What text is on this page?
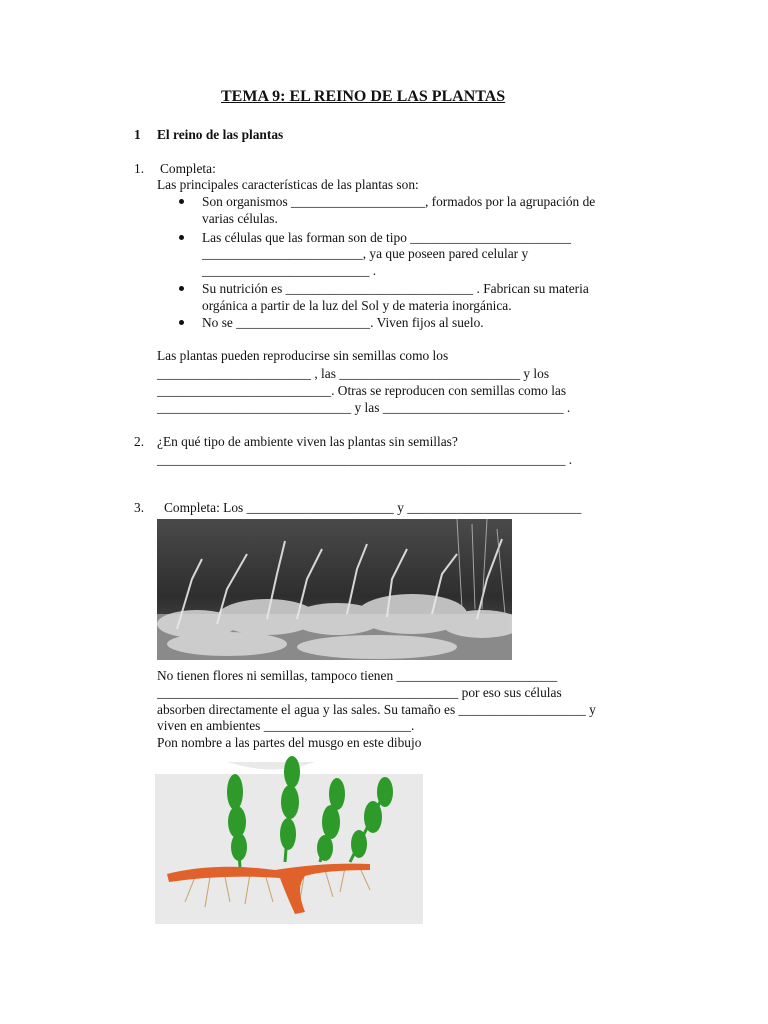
TEMA 9: EL REINO DE LAS PLANTAS
1 El reino de las plantas
1. Completa:
Las principales características de las plantas son:
Son organismos ____________________, formados por la agrupación de
varias células.
Las células que las forman son de tipo ________________________
________________________, ya que poseen pared celular y
_________________________ .
Su nutrición es ____________________________ . Fabrican su materia
orgánica a partir de la luz del Sol y de materia inorgánica.
No se ____________________. Viven fijos al suelo.
Las plantas pueden reproducirse sin semillas como los
_______________________ , las ___________________________ y los
__________________________. Otras se reproducen con semillas como las
_____________________________ y las ___________________________ .
2. ¿En qué tipo de ambiente viven las plantas sin semillas?
_____________________________________________________________ .
3. Completa: Los ______________________ y __________________________
No tienen flores ni semillas, tampoco tienen ________________________
_____________________________________________ por eso sus células
absorben directamente el agua y las sales. Su tamaño es ___________________ y
viven en ambientes ______________________.
Pon nombre a las partes del musgo en este dibujo
